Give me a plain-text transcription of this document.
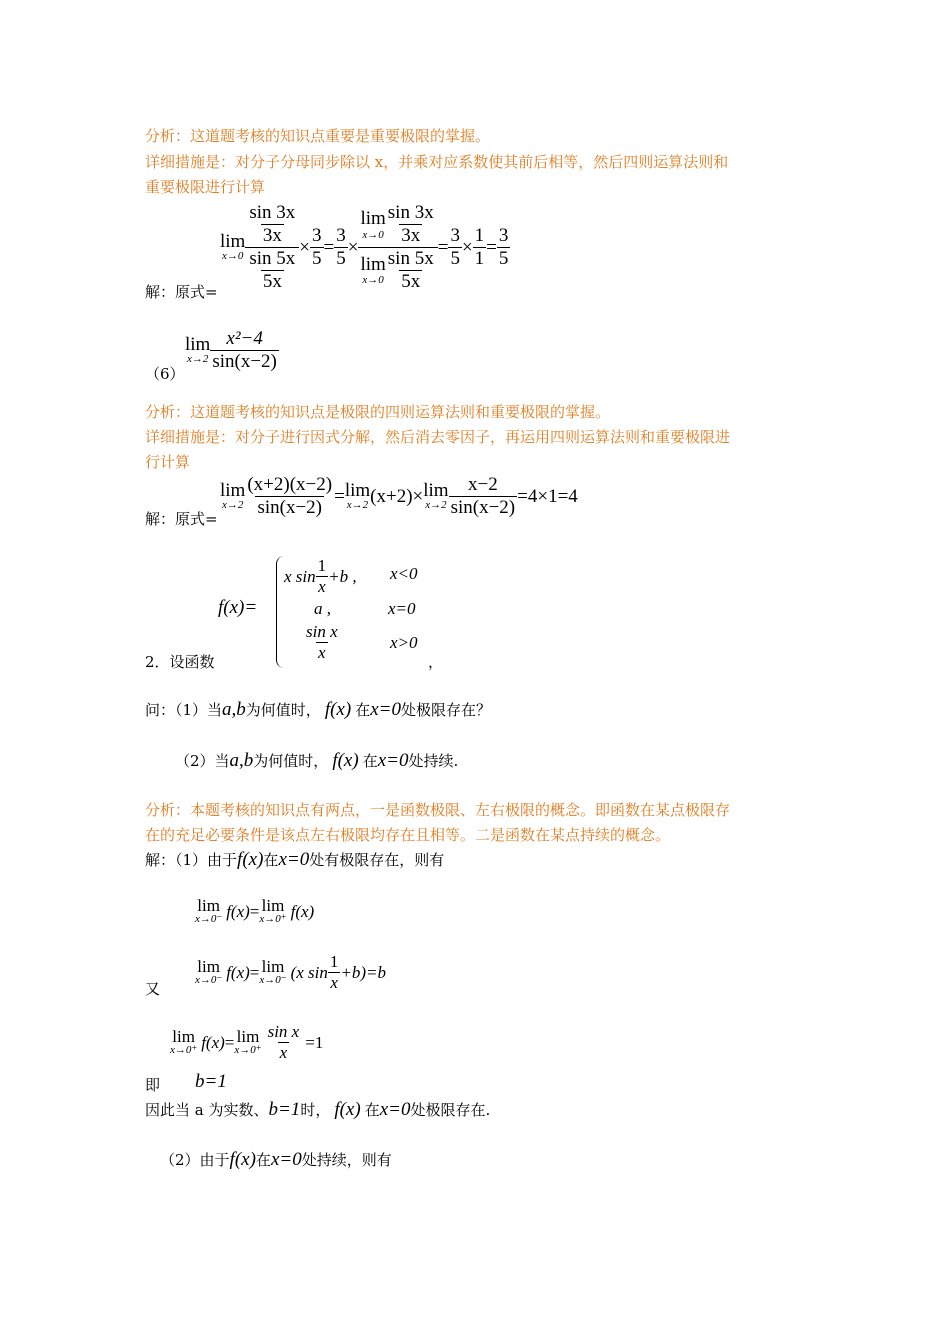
分析：这道题考核的知识点重要是重要极限的掌握。
详细措施是：对分子分母同步除以 x，并乘对应系数使其前后相等，然后四则运算法则和
重要极限进行计算
lim
$x\to 0 \frac{\frac{\sin 3x}{3x}}{\frac{\sin 5x}{5x}} \times \frac{3}{5} = \frac{3}{5} \times \lim$
x→0
sin 3x
3x
lim
x→0
sin 5x
$5x = \frac{3}{5} \times \frac{1}{1} = \frac{3}{5}$
解：原式=
（6）
lim
x→2
x²−4
sin(x−2)
分析：这道题考核的知识点是极限的四则运算法则和重要极限的掌握。
详细措施是：对分子进行因式分解，然后消去零因子，再运用四则运算法则和重要极限进
行计算
解：原式=
lim
$x\to 2 \frac{(x+2)(x-2)}{\sin(x-2)} = \lim$
x→2 (x+2) × lim
$x\to 2 \frac{x-2}{\sin(x-2)} =4\times 1=4$
2．设函数
f(x)=
x sin
1
x
+b , x<0
a ,	x=0
$\frac{\text{sin x}}{x}$	x>0
，
问：（1）当 a,b 为何值时， f(x) 在 x=0 处极限存在？
（2）当 a,b 为何值时， f(x) 在 x=0 处持续.
分析：本题考核的知识点有两点，一是函数极限、左右极限的概念。即函数在某点极限存
在的充足必要条件是该点左右极限均存在且相等。二是函数在某点持续的概念。
解：（1）由于 f(x) 在 x=0 处有极限存在，则有
lim
x→0⁻ f(x) = lim
x→0⁺ f(x)
又
lim
x→0⁻ f(x) = lim
x→0⁻ (x sin
1
x
+b)=b
lim
x→0⁺ f(x) = lim
$x\to 0^+ \frac{\text{sin x}}{x} =1$
即 b=1
因此当 a 为实数、 b=1 时， f(x) 在 x=0 处极限存在.
（2）由于 f(x) 在 x=0 处持续，则有
